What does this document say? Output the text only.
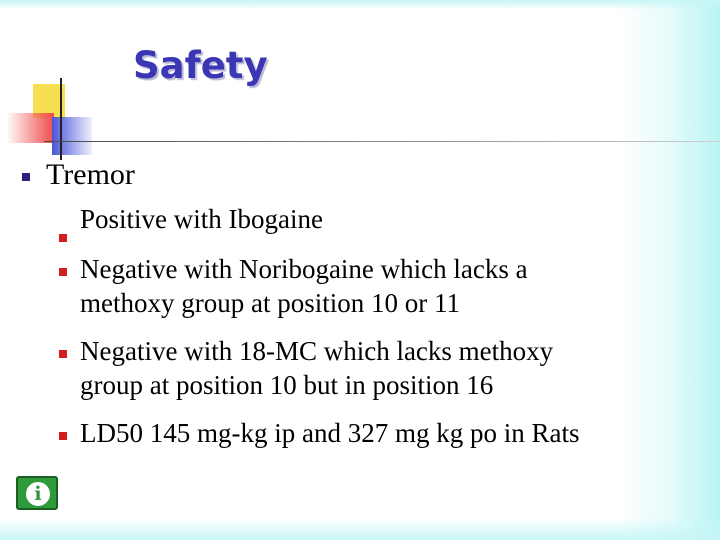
Safety
Tremor
Positive with Ibogaine
Negative with Noribogaine which lacks a
methoxy group at position 10 or 11
Negative with 18-MC which lacks methoxy
group at position 10 but in position 16
LD50 145 mg-kg ip and 327 mg kg po in Rats
i
